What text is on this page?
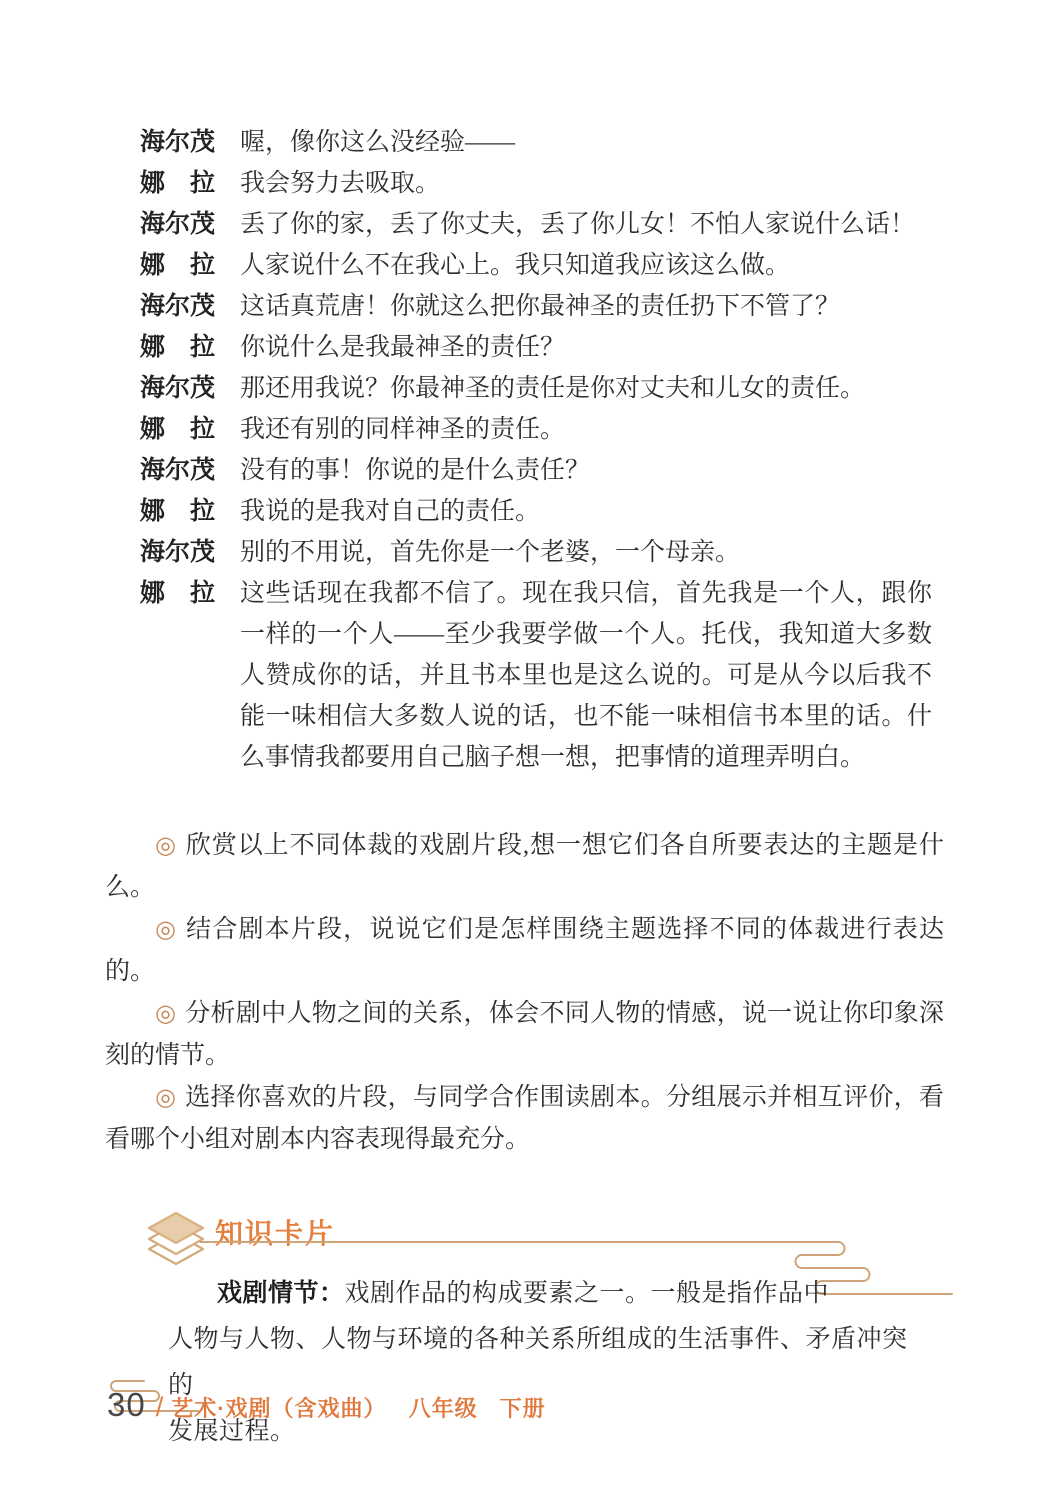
海尔茂 喔，像你这么没经验——
娜　拉 我会努力去吸取。
海尔茂 丢了你的家，丢了你丈夫，丢了你儿女！不怕人家说什么话！
娜　拉 人家说什么不在我心上。我只知道我应该这么做。
海尔茂 这话真荒唐！你就这么把你最神圣的责任扔下不管了？
娜　拉 你说什么是我最神圣的责任？
海尔茂 那还用我说？你最神圣的责任是你对丈夫和儿女的责任。
娜　拉 我还有别的同样神圣的责任。
海尔茂 没有的事！你说的是什么责任？
娜　拉 我说的是我对自己的责任。
海尔茂 别的不用说，首先你是一个老婆，一个母亲。
娜　拉 这些话现在我都不信了。现在我只信，首先我是一个人，跟你一样的一个人——至少我要学做一个人。托伐，我知道大多数人赞成你的话，并且书本里也是这么说的。可是从今以后我不能一味相信大多数人说的话，也不能一味相信书本里的话。什么事情我都要用自己脑子想一想，把事情的道理弄明白。

◎ 欣赏以上不同体裁的戏剧片段,想一想它们各自所要表达的主题是什么。

◎ 结合剧本片段，说说它们是怎样围绕主题选择不同的体裁进行表达的。

◎ 分析剧中人物之间的关系，体会不同人物的情感，说一说让你印象深刻的情节。

◎ 选择你喜欢的片段，与同学合作围读剧本。分组展示并相互评价，看看哪个小组对剧本内容表现得最充分。

知识卡片
戏剧情节：戏剧作品的构成要素之一。一般是指作品中
人物与人物、人物与环境的各种关系所组成的生活事件、矛盾冲突的
发展过程。
30 / 艺术·戏剧（含戏曲） 八年级 下册
